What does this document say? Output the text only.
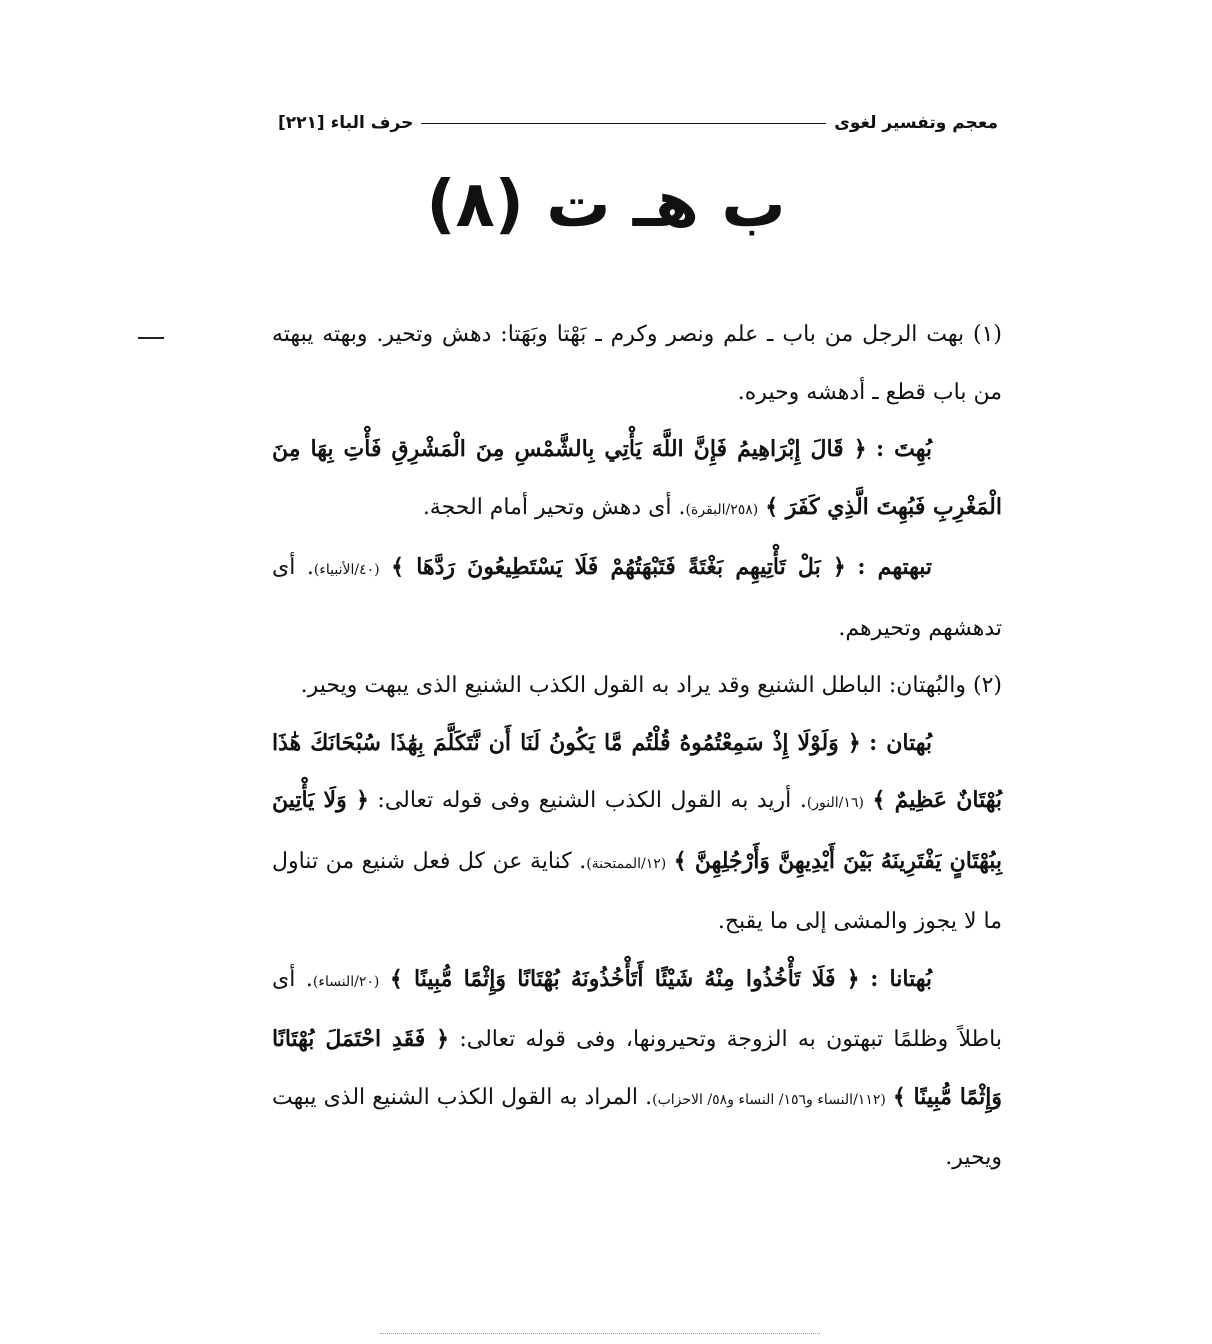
معجم وتفسير لغوى
حرف الباء [٢٢١]
ب هـ ت (٨)

(١) بهت الرجل من باب ـ علم ونصر وكرم ـ بَهْتا وبَهَتا: دهش وتحير. وبهته يبهته من باب قطع ـ أدهشه وحيره.

بُهِتَ : ﴿ قَالَ إِبْرَاهِيمُ فَإِنَّ اللَّهَ يَأْتِي بِالشَّمْسِ مِنَ الْمَشْرِقِ فَأْتِ بِهَا مِنَ الْمَغْرِبِ فَبُهِتَ الَّذِي كَفَرَ ﴾ (٢٥٨/البقرة). أى دهش وتحير أمام الحجة.

تبهتهم : ﴿ بَلْ تَأْتِيهِم بَغْتَةً فَتَبْهَتُهُمْ فَلَا يَسْتَطِيعُونَ رَدَّهَا ﴾ (٤٠/الأنبياء). أى تدهشهم وتحيرهم.

(٢) والبُهتان: الباطل الشنيع وقد يراد به القول الكذب الشنيع الذى يبهت ويحير.

بُهتان : ﴿ وَلَوْلَا إِذْ سَمِعْتُمُوهُ قُلْتُم مَّا يَكُونُ لَنَا أَن نَّتَكَلَّمَ بِهَٰذَا سُبْحَانَكَ هَٰذَا بُهْتَانٌ عَظِيمٌ ﴾ (١٦/النور). أريد به القول الكذب الشنيع وفى قوله تعالى: ﴿ وَلَا يَأْتِينَ بِبُهْتَانٍ يَفْتَرِينَهُ بَيْنَ أَيْدِيهِنَّ وَأَرْجُلِهِنَّ ﴾ (١٢/الممتحنة). كناية عن كل فعل شنيع من تناول ما لا يجوز والمشى إلى ما يقبح.

بُهتانا : ﴿ فَلَا تَأْخُذُوا مِنْهُ شَيْئًا أَتَأْخُذُونَهُ بُهْتَانًا وَإِثْمًا مُّبِينًا ﴾ (٢٠/النساء). أى باطلاً وظلمًا تبهتون به الزوجة وتحيرونها، وفى قوله تعالى: ﴿ فَقَدِ احْتَمَلَ بُهْتَانًا وَإِثْمًا مُّبِينًا ﴾ (١١٢/النساء و١٥٦/ النساء و٥٨/ الاحزاب). المراد به القول الكذب الشنيع الذى يبهت ويحير.
